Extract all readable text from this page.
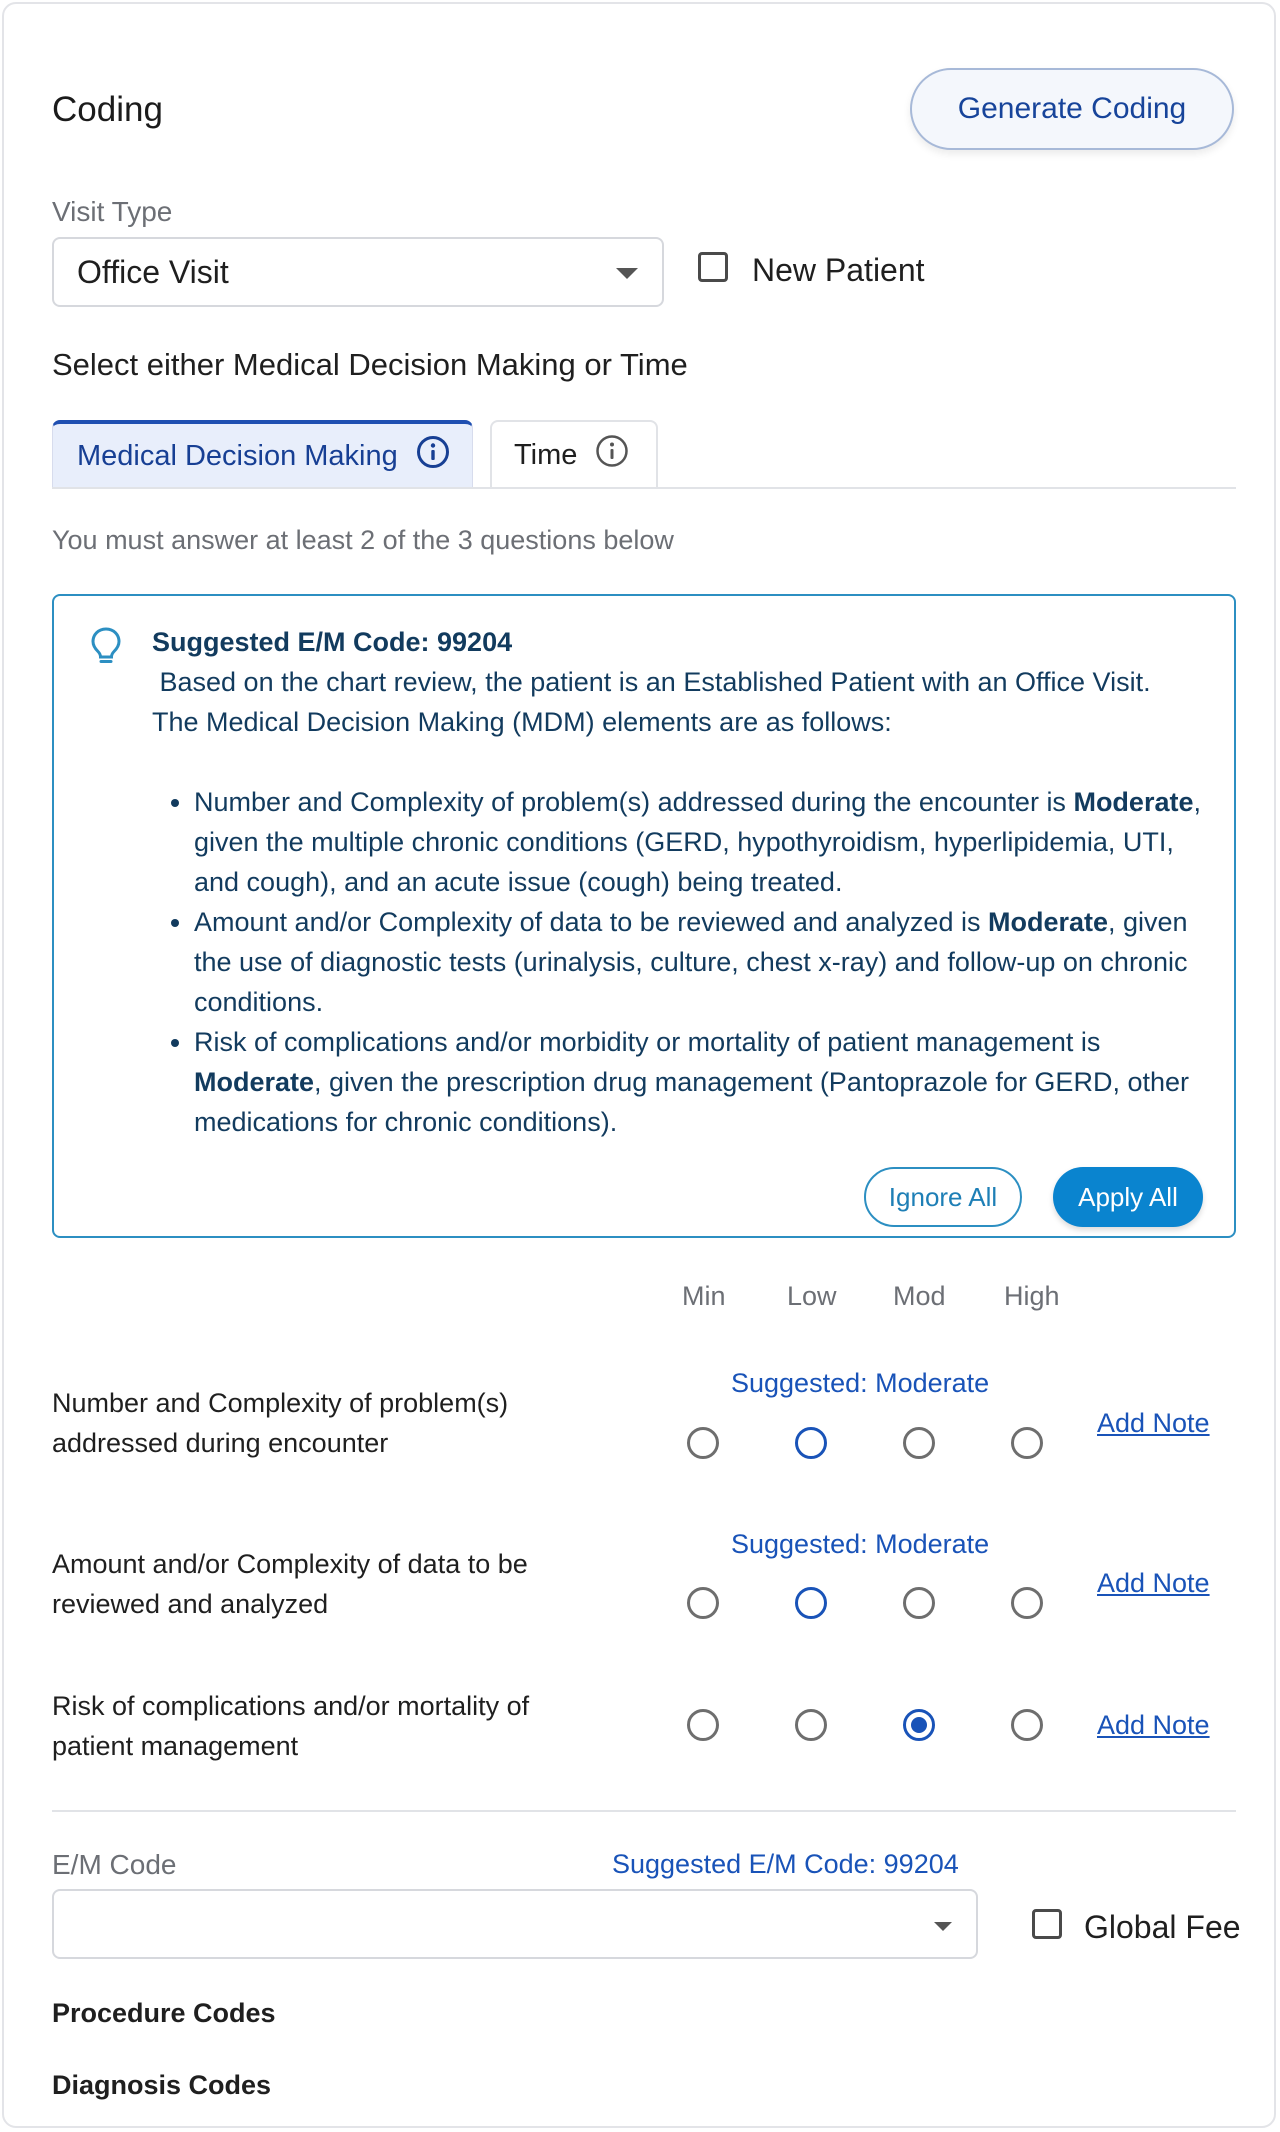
Coding	Generate Coding
Visit Type
Office Visit	New Patient
Select either Medical Decision Making or Time
Medical Decision Making	Time
You must answer at least 2 of the 3 questions below
Suggested E/M Code: 99204
Based on the chart review, the patient is an Established Patient with an Office Visit.
The Medical Decision Making (MDM) elements are as follows:
• Number and Complexity of problem(s) addressed during the encounter is Moderate, given the multiple chronic conditions (GERD, hypothyroidism, hyperlipidemia, UTI, and cough), and an acute issue (cough) being treated.
• Amount and/or Complexity of data to be reviewed and analyzed is Moderate, given the use of diagnostic tests (urinalysis, culture, chest x-ray) and follow-up on chronic conditions.
• Risk of complications and/or morbidity or mortality of patient management is Moderate, given the prescription drug management (Pantoprazole for GERD, other medications for chronic conditions).
Ignore All	Apply All
Min Low Mod High
Number and Complexity of problem(s)
addressed during encounter
Suggested: Moderate
Add Note
Amount and/or Complexity of data to be
reviewed and analyzed
Suggested: Moderate
Add Note
Risk of complications and/or mortality of
patient management
Add Note
E/M Code	Suggested E/M Code: 99204
Global Fee
Procedure Codes
Diagnosis Codes
